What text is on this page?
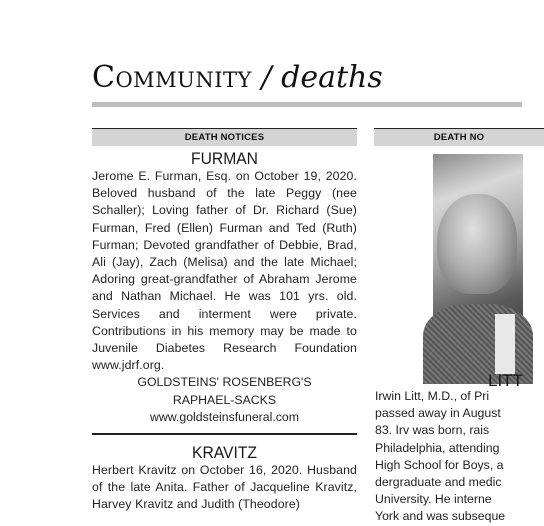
Community / deaths
DEATH NOTICES
FURMAN

Jerome E. Furman, Esq. on October 19, 2020. Beloved husband of the late Peggy (nee Schaller); Loving father of Dr. Richard (Sue) Furman, Fred (Ellen) Furman and Ted (Ruth) Furman; Devoted grandfather of Debbie, Brad, Ali (Jay), Zach (Melisa) and the late Michael; Adoring great-grandfather of Abraham Jerome and Nathan Michael. He was 101 yrs. old. Services and interment were private. Contributions in his memory may be made to Juvenile Diabetes Research Foundation www.jdrf.org.

GOLDSTEINS' ROSENBERG'S
RAPHAEL-SACKS
www.goldsteinsfuneral.com
KRAVITZ

Herbert Kravitz on October 16, 2020. Husband of the late Anita. Father of Jacqueline Kravitz, Harvey Kravitz and Judith (Theodore)

DEATH NO
LITT
Irwin Litt, M.D., of Pri
passed away in August
83. Irv was born, rais
Philadelphia, attending
High School for Boys, a
dergraduate and medic
University. He interne
York and was subseque
